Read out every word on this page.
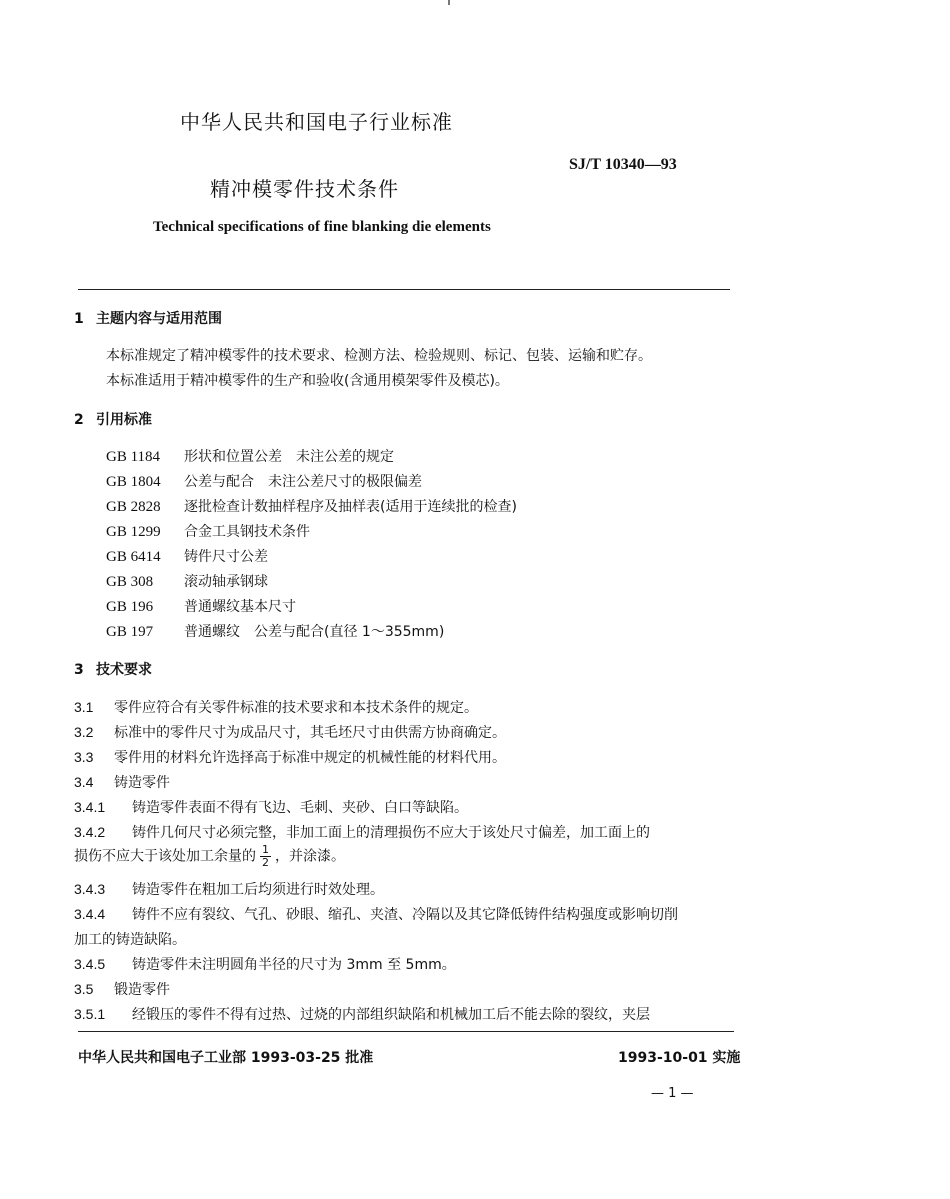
中华人民共和国电子行业标准
SJ/T 10340—93
精冲模零件技术条件
Technical specifications of fine blanking die elements
1 主题内容与适用范围
本标准规定了精冲模零件的技术要求、检测方法、检验规则、标记、包装、运输和贮存。
本标准适用于精冲模零件的生产和验收(含通用模架零件及模芯)。
2 引用标准
GB 1184 形状和位置公差　未注公差的规定
GB 1804 公差与配合　未注公差尺寸的极限偏差
GB 2828 逐批检查计数抽样程序及抽样表(适用于连续批的检查)
GB 1299 合金工具钢技术条件
GB 6414 铸件尺寸公差
GB 308 滚动轴承钢球
GB 196 普通螺纹基本尺寸
GB 197 普通螺纹　公差与配合(直径 1～355mm)
3 技术要求
3.1 零件应符合有关零件标准的技术要求和本技术条件的规定。
3.2 标准中的零件尺寸为成品尺寸，其毛坯尺寸由供需方协商确定。
3.3 零件用的材料允许选择高于标准中规定的机械性能的材料代用。
3.4 铸造零件
3.4.1 铸造零件表面不得有飞边、毛刺、夹砂、白口等缺陷。
3.4.2 铸件几何尺寸必须完整，非加工面上的清理损伤不应大于该处尺寸偏差，加工面上的
损伤不应大于该处加工余量的 $\frac{1}{2}$ ，并涂漆。
3.4.3 铸造零件在粗加工后均须进行时效处理。
3.4.4 铸件不应有裂纹、气孔、砂眼、缩孔、夹渣、冷隔以及其它降低铸件结构强度或影响切削
加工的铸造缺陷。
3.4.5 铸造零件未注明圆角半径的尺寸为 3mm 至 5mm。
3.5 锻造零件
3.5.1 经锻压的零件不得有过热、过烧的内部组织缺陷和机械加工后不能去除的裂纹，夹层
中华人民共和国电子工业部 1993-03-25 批准	1993-10-01 实施
— 1 —
